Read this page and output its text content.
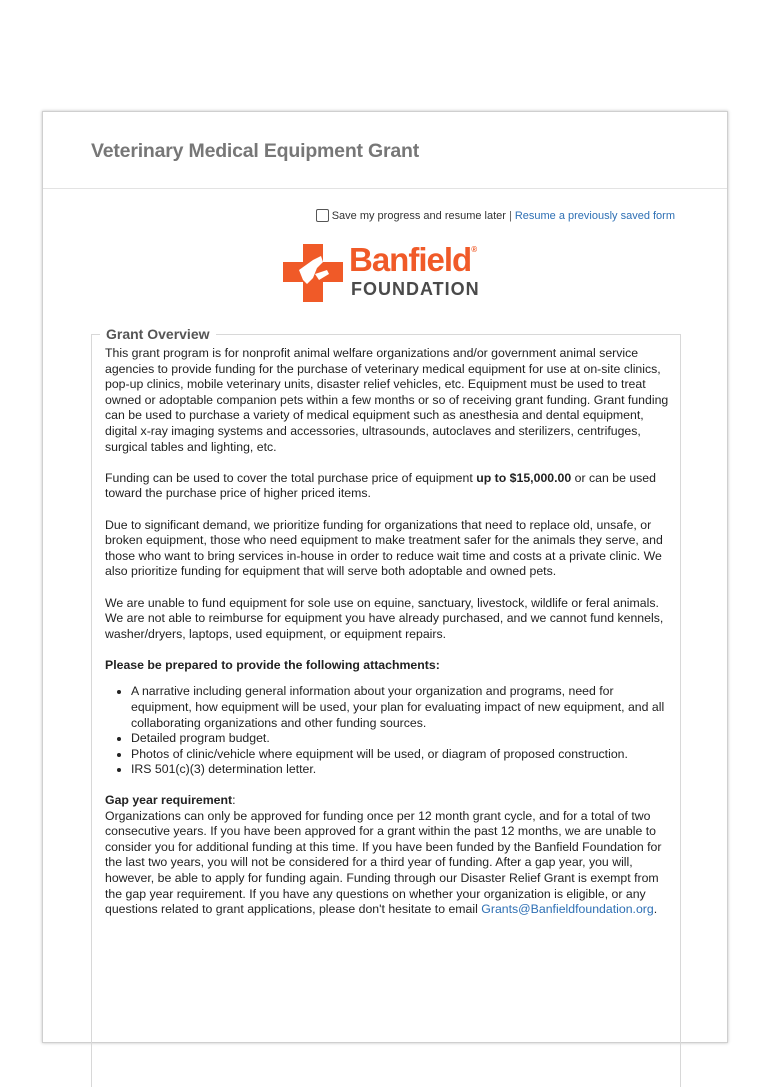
Veterinary Medical Equipment Grant
Save my progress and resume later | Resume a previously saved form
Banfield®
FOUNDATION
Grant Overview

This grant program is for nonprofit animal welfare organizations and/or government animal service agencies to provide funding for the purchase of veterinary medical equipment for use at on-site clinics, pop-up clinics, mobile veterinary units, disaster relief vehicles, etc. Equipment must be used to treat owned or adoptable companion pets within a few months or so of receiving grant funding. Grant funding can be used to purchase a variety of medical equipment such as anesthesia and dental equipment, digital x-ray imaging systems and accessories, ultrasounds, autoclaves and sterilizers, centrifuges, surgical tables and lighting, etc.

Funding can be used to cover the total purchase price of equipment up to $15,000.00 or can be used toward the purchase price of higher priced items.

Due to significant demand, we prioritize funding for organizations that need to replace old, unsafe, or broken equipment, those who need equipment to make treatment safer for the animals they serve, and those who want to bring services in-house in order to reduce wait time and costs at a private clinic. We also prioritize funding for equipment that will serve both adoptable and owned pets.

We are unable to fund equipment for sole use on equine, sanctuary, livestock, wildlife or feral animals. We are not able to reimburse for equipment you have already purchased, and we cannot fund kennels, washer/dryers, laptops, used equipment, or equipment repairs.

Please be prepared to provide the following attachments:

• A narrative including general information about your organization and programs, need for equipment, how equipment will be used, your plan for evaluating impact of new equipment, and all collaborating organizations and other funding sources.
• Detailed program budget.
• Photos of clinic/vehicle where equipment will be used, or diagram of proposed construction.
• IRS 501(c)(3) determination letter.

Gap year requirement:

Organizations can only be approved for funding once per 12 month grant cycle, and for a total of two consecutive years. If you have been approved for a grant within the past 12 months, we are unable to consider you for additional funding at this time. If you have been funded by the Banfield Foundation for the last two years, you will not be considered for a third year of funding. After a gap year, you will, however, be able to apply for funding again. Funding through our Disaster Relief Grant is exempt from the gap year requirement. If you have any questions on whether your organization is eligible, or any questions related to grant applications, please don't hesitate to email Grants@Banfieldfoundation.org.
